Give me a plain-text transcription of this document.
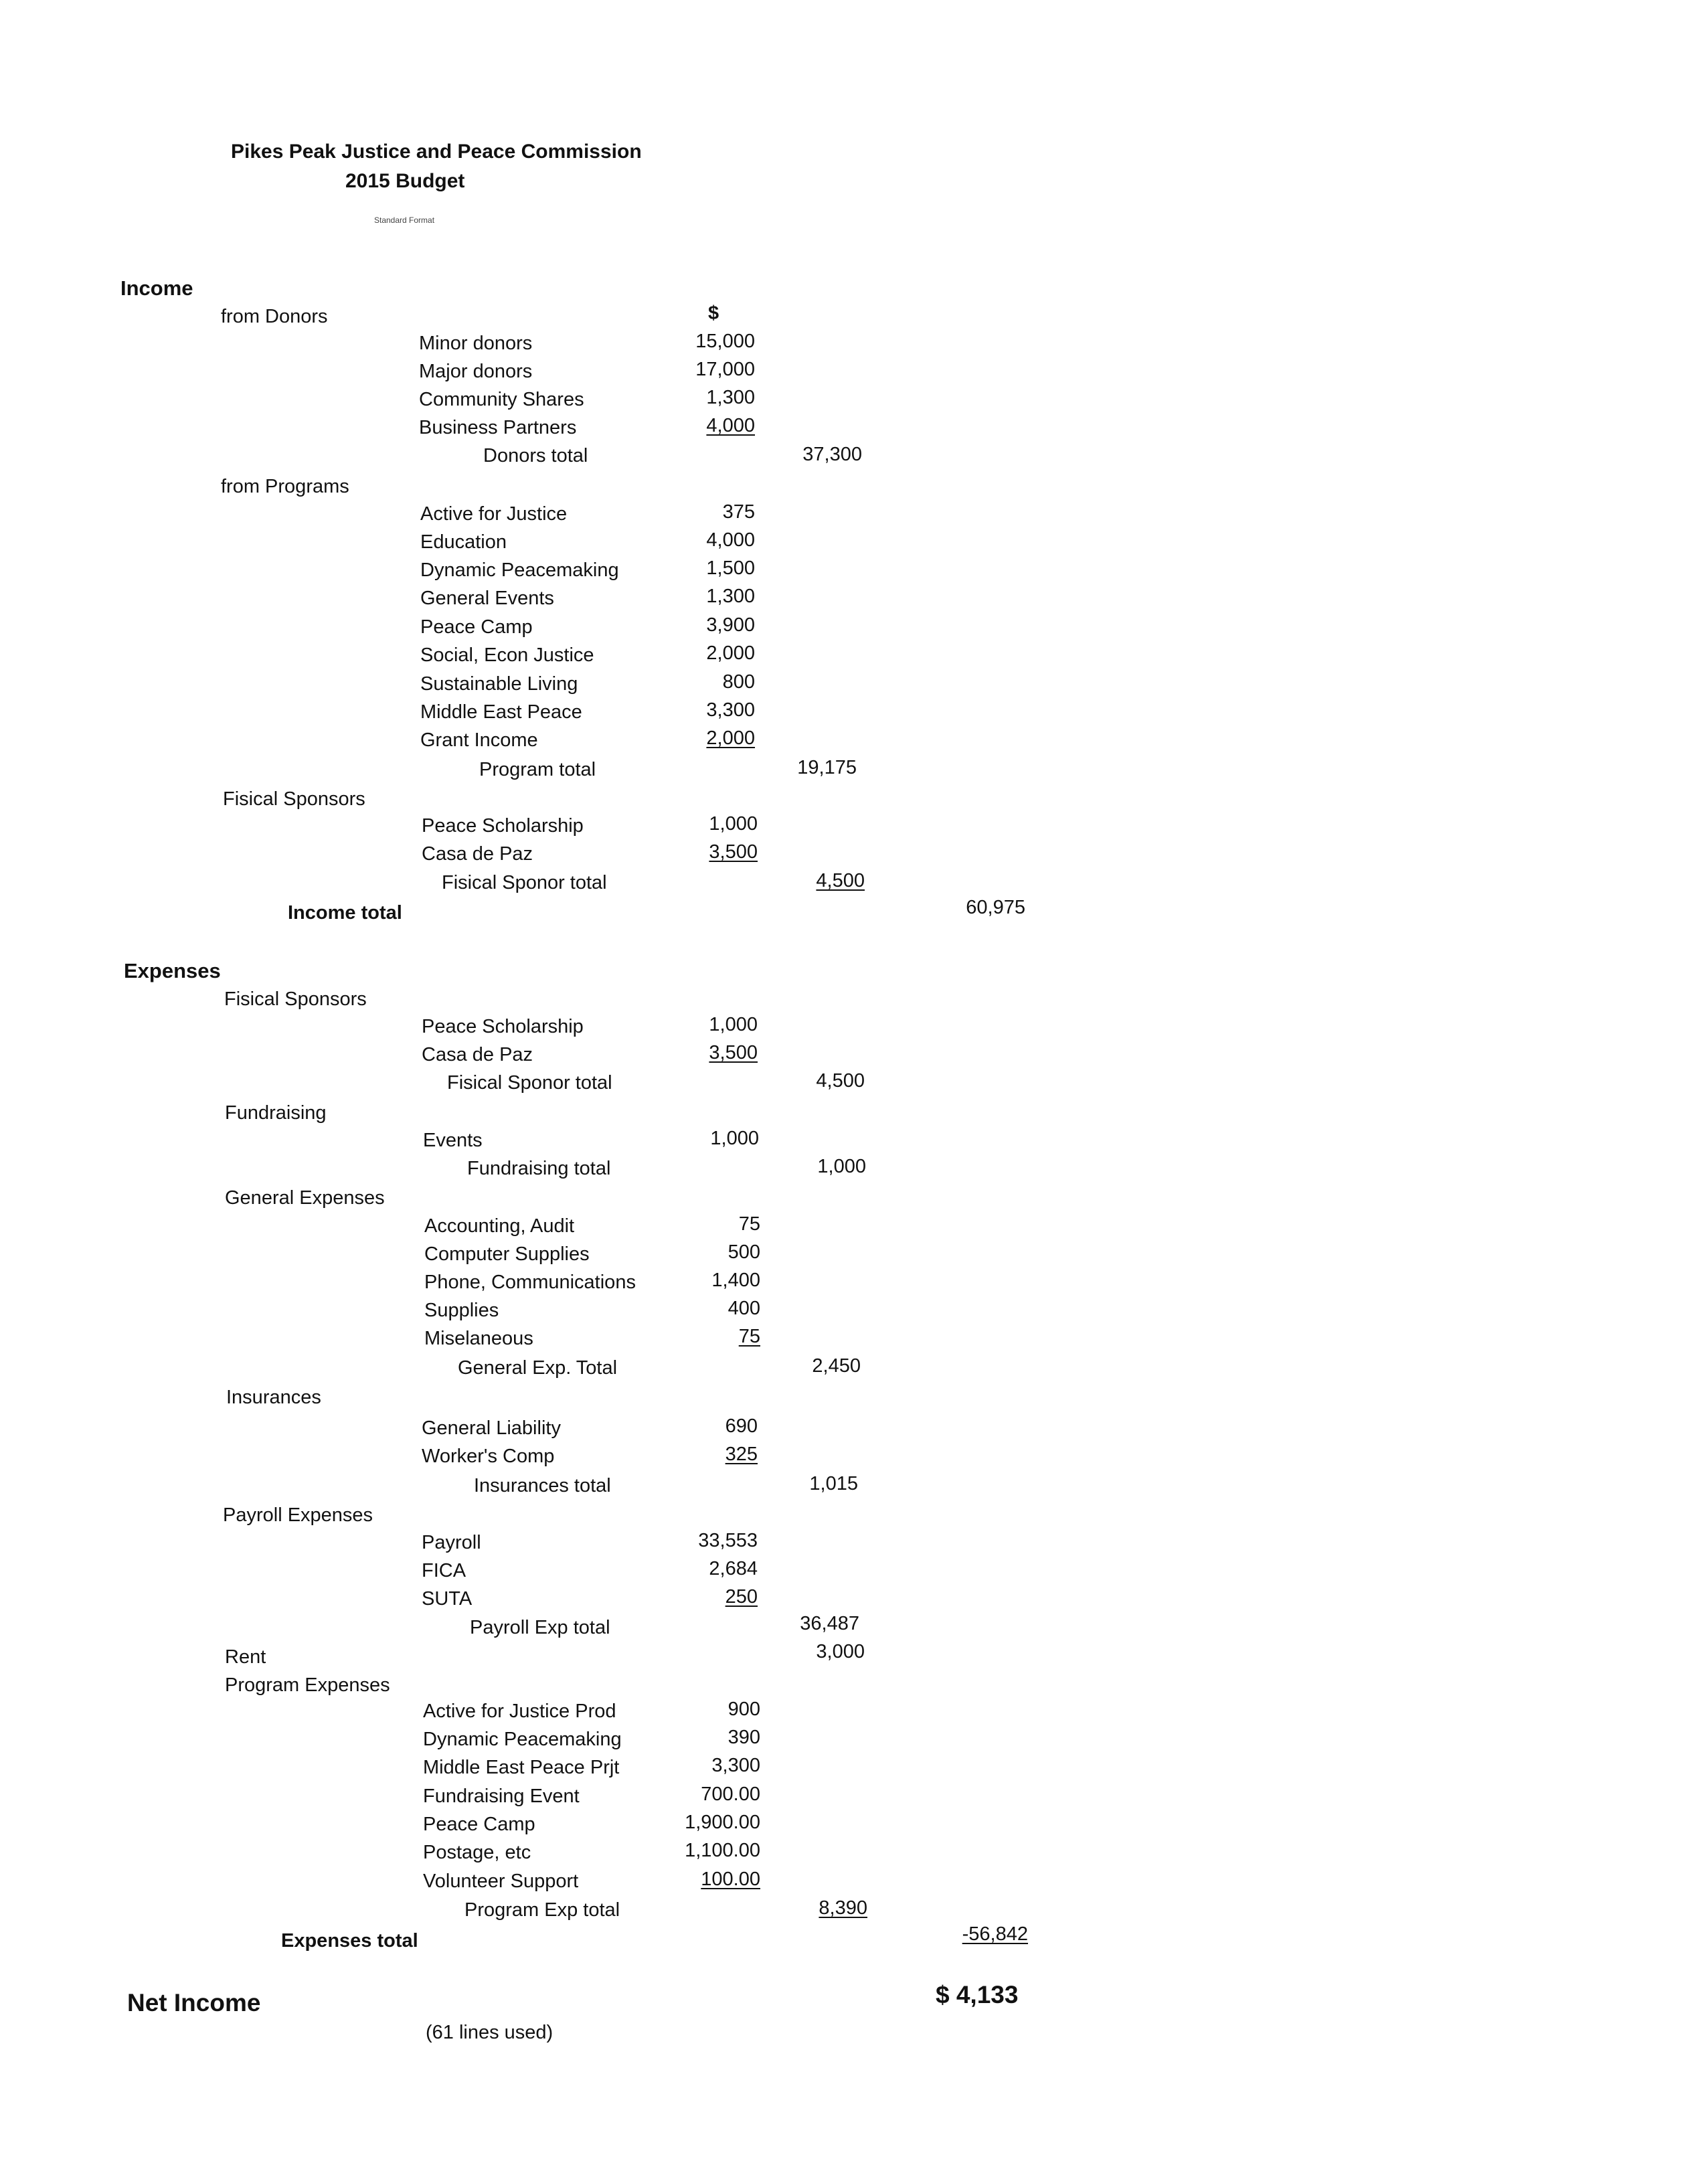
Pikes Peak Justice and Peace Commission
2015 Budget
Standard Format
Income
from Donors	$
Minor donors	15,000
Major donors	17,000
Community Shares	1,300
Business Partners	4,000
Donors total	37,300
from Programs
Active for Justice	375
Education	4,000
Dynamic Peacemaking	1,500
General Events	1,300
Peace Camp	3,900
Social, Econ Justice	2,000
Sustainable Living	800
Middle East Peace	3,300
Grant Income	2,000
Program total	19,175
Fisical Sponsors
Peace Scholarship	1,000
Casa de Paz	3,500
Fisical Sponor total	4,500
Income total	60,975
Expenses
Fisical Sponsors
Peace Scholarship	1,000
Casa de Paz	3,500
Fisical Sponor total	4,500
Fundraising
Events	1,000
Fundraising total	1,000
General Expenses
Accounting, Audit	75
Computer Supplies	500
Phone, Communications	1,400
Supplies	400
Miselaneous	75
General Exp. Total	2,450
Insurances
General Liability	690
Worker's Comp	325
Insurances total	1,015
Payroll Expenses
Payroll	33,553
FICA	2,684
SUTA	250
Payroll Exp total	36,487
Rent	3,000
Program Expenses
Active for Justice Prod	900
Dynamic Peacemaking	390
Middle East Peace Prjt	3,300
Fundraising Event	700.00
Peace Camp	1,900.00
Postage, etc	1,100.00
Volunteer Support	100.00
Program Exp total	8,390
Expenses total	-56,842
Net Income	$ 4,133
(61 lines used)
